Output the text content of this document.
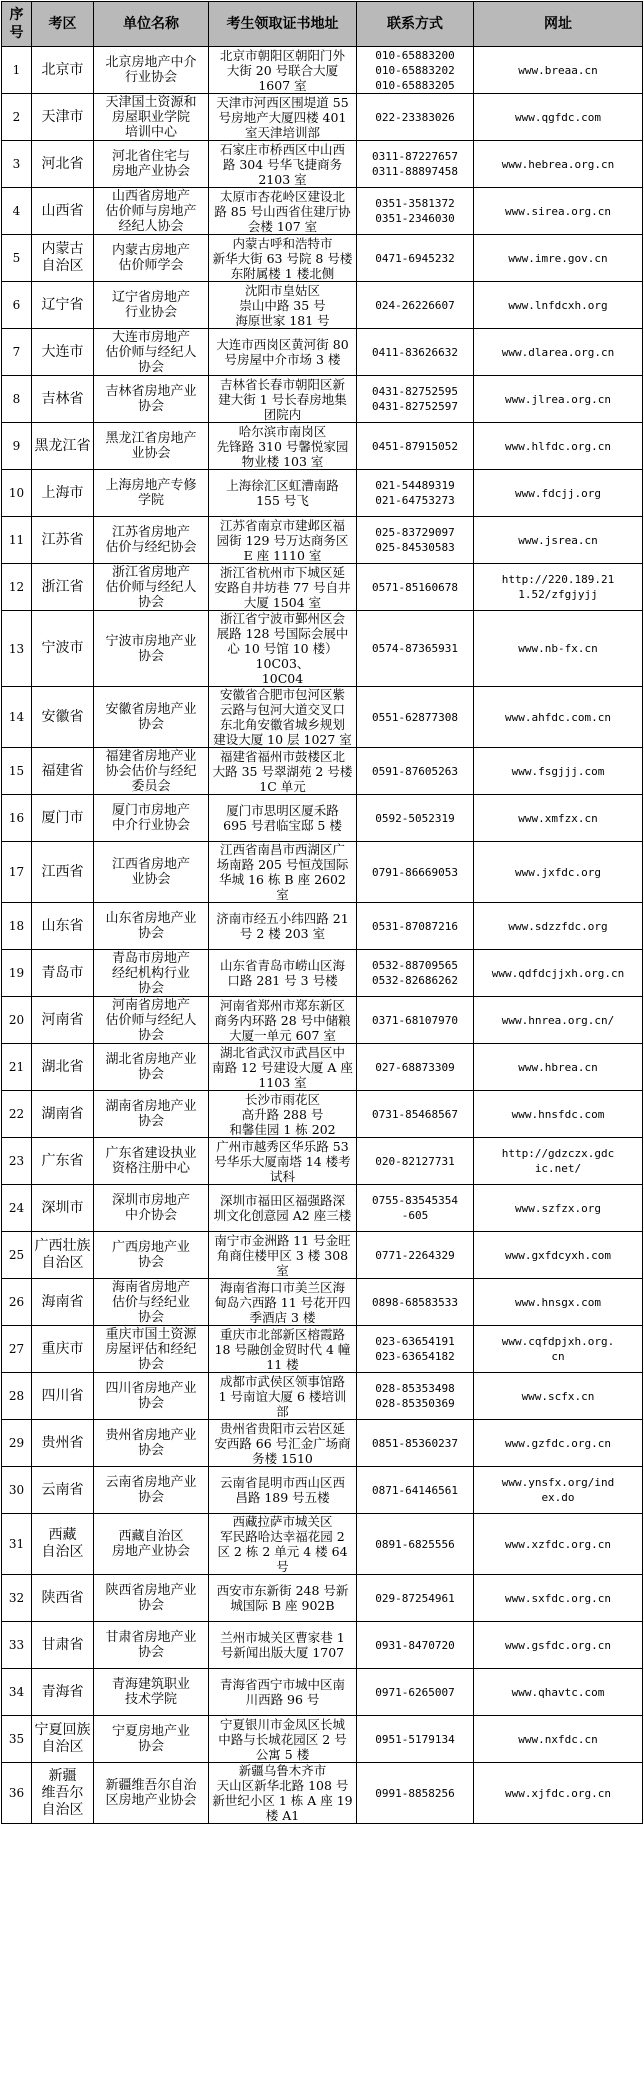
序号	考区	单位名称	考生领取证书地址	联系方式	网址
1	北京市	北京房地产中介
行业协会	北京市朝阳区朝阳门外
大街 20 号联合大厦
1607 室	010-65883200
010-65883202
010-65883205	www.breaa.cn

2	天津市	天津国土资源和
房屋职业学院
培训中心	天津市河西区围堤道 55
号房地产大厦四楼 401
室天津培训部	022-23383026	www.qgfdc.com

3	河北省	河北省住宅与
房地产业协会	石家庄市桥西区中山西
路 304 号华飞捷商务
2103 室	0311-87227657
0311-88897458	www.hebrea.org.cn

4	山西省	山西省房地产
估价师与房地产
经纪人协会	太原市杏花岭区建设北
路 85 号山西省住建厅协
会楼 107 室	0351-3581372
0351-2346030	www.sirea.org.cn

5	内蒙古
自治区	内蒙古房地产
估价师学会	内蒙古呼和浩特市
新华大街 63 号院 8 号楼
东附属楼 1 楼北侧	0471-6945232	www.imre.gov.cn

6	辽宁省	辽宁省房地产
行业协会	沈阳市皇姑区
崇山中路 35 号
海原世家 181 号	024-26226607	www.lnfdcxh.org

7	大连市	大连市房地产
估价师与经纪人
协会	大连市西岗区黄河街 80
号房屋中介市场 3 楼	0411-83626632	www.dlarea.org.cn

8	吉林省	吉林省房地产业
协会	吉林省长春市朝阳区新
建大街 1 号长春房地集
团院内	0431-82752595
0431-82752597	www.jlrea.org.cn

9	黑龙江省	黑龙江省房地产
业协会	哈尔滨市南岗区
先锋路 310 号馨悦家园
物业楼 103 室	0451-87915052	www.hlfdc.org.cn

10	上海市	上海房地产专修
学院	上海徐汇区虹漕南路
155 号飞	021-54489319
021-64753273	www.fdcjj.org

11	江苏省	江苏省房地产
估价与经纪协会	江苏省南京市建邺区福
园街 129 号万达商务区
E 座 1110 室	025-83729097
025-84530583	www.jsrea.cn

12	浙江省	浙江省房地产
估价师与经纪人
协会	浙江省杭州市下城区延
安路自井坊巷 77 号自井
大厦 1504 室	0571-85160678	http://220.189.21
1.52/zfgjyjj

13	宁波市	宁波市房地产业
协会	浙江省宁波市鄞州区会
展路 128 号国际会展中
心 10 号馆 10 楼）10C03、
10C04	0574-87365931	www.nb-fx.cn

14	安徽省	安徽省房地产业
协会	安徽省合肥市包河区紫
云路与包河大道交叉口
东北角安徽省城乡规划
建设大厦 10 层 1027 室	0551-62877308	www.ahfdc.com.cn

15	福建省	福建省房地产业
协会估价与经纪
委员会	福建省福州市鼓楼区北
大路 35 号翠湖苑 2 号楼
1C 单元	0591-87605263	www.fsgjjj.com

16	厦门市	厦门市房地产
中介行业协会	厦门市思明区厦禾路
695 号君临宝邸 5 楼	0592-5052319	www.xmfzx.cn

17	江西省	江西省房地产
业协会	江西省南昌市西湖区广
场南路 205 号恒茂国际
华城 16 栋 B 座 2602 室	0791-86669053	www.jxfdc.org

18	山东省	山东省房地产业
协会	济南市经五小纬四路 21
号 2 楼 203 室	0531-87087216	www.sdzzfdc.org

19	青岛市	青岛市房地产
经纪机构行业
协会	山东省青岛市崂山区海
口路 281 号 3 号楼	0532-88709565
0532-82686262	www.qdfdcjjxh.org.cn

20	河南省	河南省房地产
估价师与经纪人
协会	河南省郑州市郑东新区
商务内环路 28 号中储粮
大厦一单元 607 室	0371-68107970	www.hnrea.org.cn/

21	湖北省	湖北省房地产业
协会	湖北省武汉市武昌区中
南路 12 号建设大厦 A 座
1103 室	027-68873309	www.hbrea.cn

22	湖南省	湖南省房地产业
协会	长沙市雨花区
高升路 288 号
和馨佳园 1 栋 202	0731-85468567	www.hnsfdc.com

23	广东省	广东省建设执业
资格注册中心	广州市越秀区华乐路 53
号华乐大厦南塔 14 楼考
试科	020-82127731	http://gdzczx.gdc
ic.net/

24	深圳市	深圳市房地产
中介协会	深圳市福田区福强路深
圳文化创意园 A2 座三楼	0755-83545354
-605	www.szfzx.org

25	广西壮族
自治区	广西房地产业
协会	南宁市金洲路 11 号金旺
角商住楼甲区 3 楼 308
室	0771-2264329	www.gxfdcyxh.com

26	海南省	海南省房地产
估价与经纪业
协会	海南省海口市美兰区海
甸岛六西路 11 号花开四
季酒店 3 楼	0898-68583533	www.hnsgx.com

27	重庆市	重庆市国土资源
房屋评估和经纪
协会	重庆市北部新区榕霞路
18 号融创金贸时代 4 幢
11 楼	023-63654191
023-63654182	www.cqfdpjxh.org.
cn

28	四川省	四川省房地产业
协会	成都市武侯区领事馆路
1 号南谊大厦 6 楼培训
部	028-85353498
028-85350369	www.scfx.cn

29	贵州省	贵州省房地产业
协会	贵州省贵阳市云岩区延
安西路 66 号汇金广场商
务楼 1510	0851-85360237	www.gzfdc.org.cn

30	云南省	云南省房地产业
协会	云南省昆明市西山区西
昌路 189 号五楼	0871-64146561	www.ynsfx.org/ind
ex.do

31	西藏
自治区	西藏自治区
房地产业协会	西藏拉萨市城关区
军民路哈达幸福花园 2
区 2 栋 2 单元 4 楼 64 号	0891-6825556	www.xzfdc.org.cn

32	陕西省	陕西省房地产业
协会	西安市东新街 248 号新
城国际 B 座 902B	029-87254961	www.sxfdc.org.cn

33	甘肃省	甘肃省房地产业
协会	兰州市城关区曹家巷 1
号新闻出版大厦 1707	0931-8470720	www.gsfdc.org.cn

34	青海省	青海建筑职业
技术学院	青海省西宁市城中区南
川西路 96 号	0971-6265007	www.qhavtc.com

35	宁夏回族
自治区	宁夏房地产业
协会	宁夏银川市金凤区长城
中路与长城花园区 2 号
公寓 5 楼	0951-5179134	www.nxfdc.cn

36	新疆
维吾尔
自治区	新疆维吾尔自治
区房地产业协会	新疆乌鲁木齐市
天山区新华北路 108 号
新世纪小区 1 栋 A 座 19
楼 A1	0991-8858256	www.xjfdc.org.cn
